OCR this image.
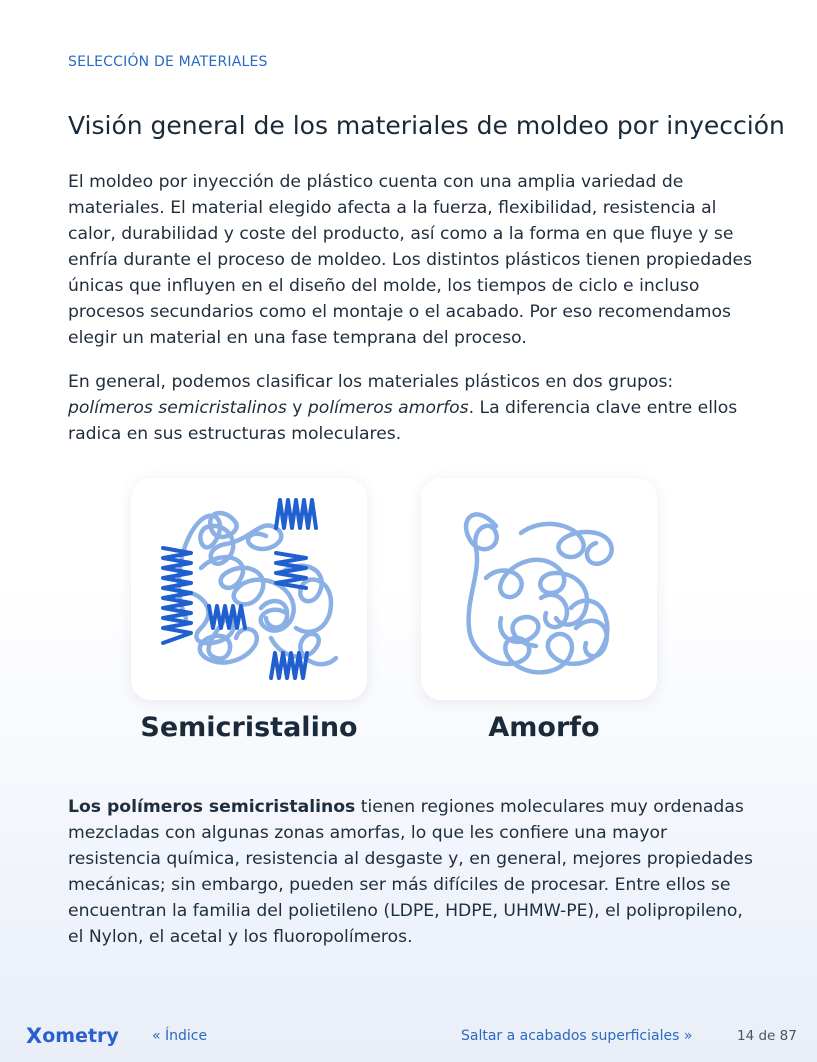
SELECCIÓN DE MATERIALES
Visión general de los materiales de moldeo por inyección

El moldeo por inyección de plástico cuenta con una amplia variedad de materiales. El material elegido afecta a la fuerza, flexibilidad, resistencia al calor, durabilidad y coste del producto, así como a la forma en que fluye y se enfría durante el proceso de moldeo. Los distintos plásticos tienen propiedades únicas que influyen en el diseño del molde, los tiempos de ciclo e incluso procesos secundarios como el montaje o el acabado. Por eso recomendamos elegir un material en una fase temprana del proceso.

En general, podemos clasificar los materiales plásticos en dos grupos: polímeros semicristalinos y polímeros amorfos. La diferencia clave entre ellos radica en sus estructuras moleculares.

Semicristalino	Amorfo

Los polímeros semicristalinos tienen regiones moleculares muy ordenadas mezcladas con algunas zonas amorfas, lo que les confiere una mayor resistencia química, resistencia al desgaste y, en general, mejores propiedades mecánicas; sin embargo, pueden ser más difíciles de procesar. Entre ellos se encuentran la familia del polietileno (LDPE, HDPE, UHMW-PE), el polipropileno, el Nylon, el acetal y los fluoropolímeros.

X ometry « Índice	Saltar a acabados superficiales »	14 de 87
